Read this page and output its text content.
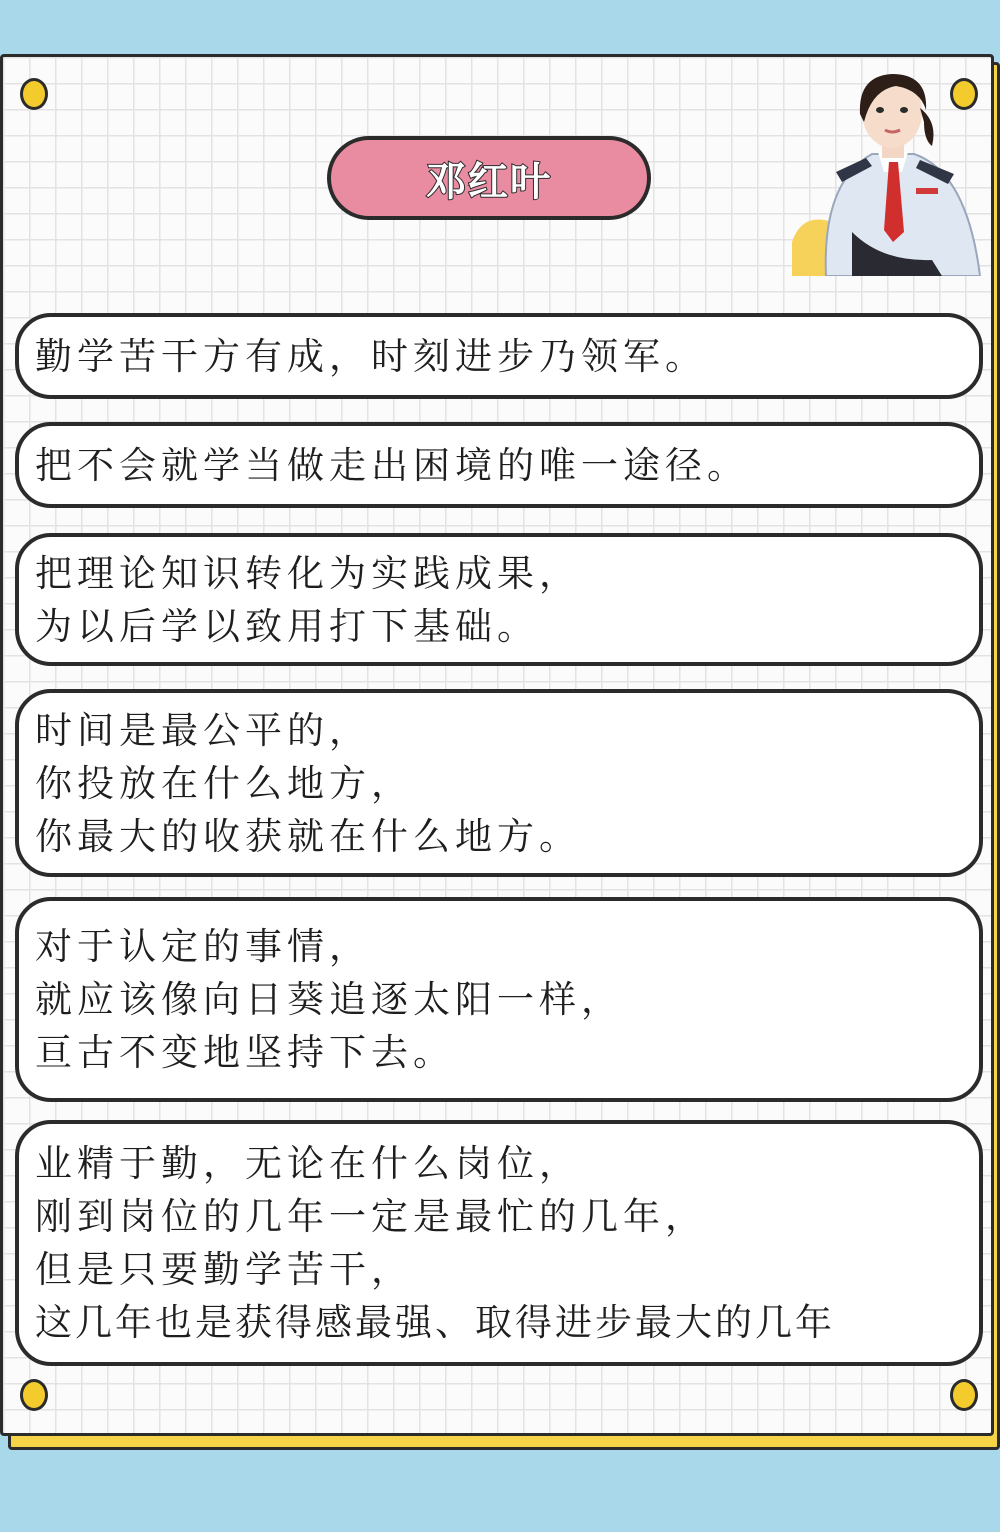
邓红叶
勤学苦干方有成，时刻进步乃领军。
把不会就学当做走出困境的唯一途径。
把理论知识转化为实践成果，
为以后学以致用打下基础。
时间是最公平的，
你投放在什么地方，
你最大的收获就在什么地方。
对于认定的事情，
就应该像向日葵追逐太阳一样，
亘古不变地坚持下去。
业精于勤，无论在什么岗位，
刚到岗位的几年一定是最忙的几年，
但是只要勤学苦干，
这几年也是获得感最强、取得进步最大的几年
